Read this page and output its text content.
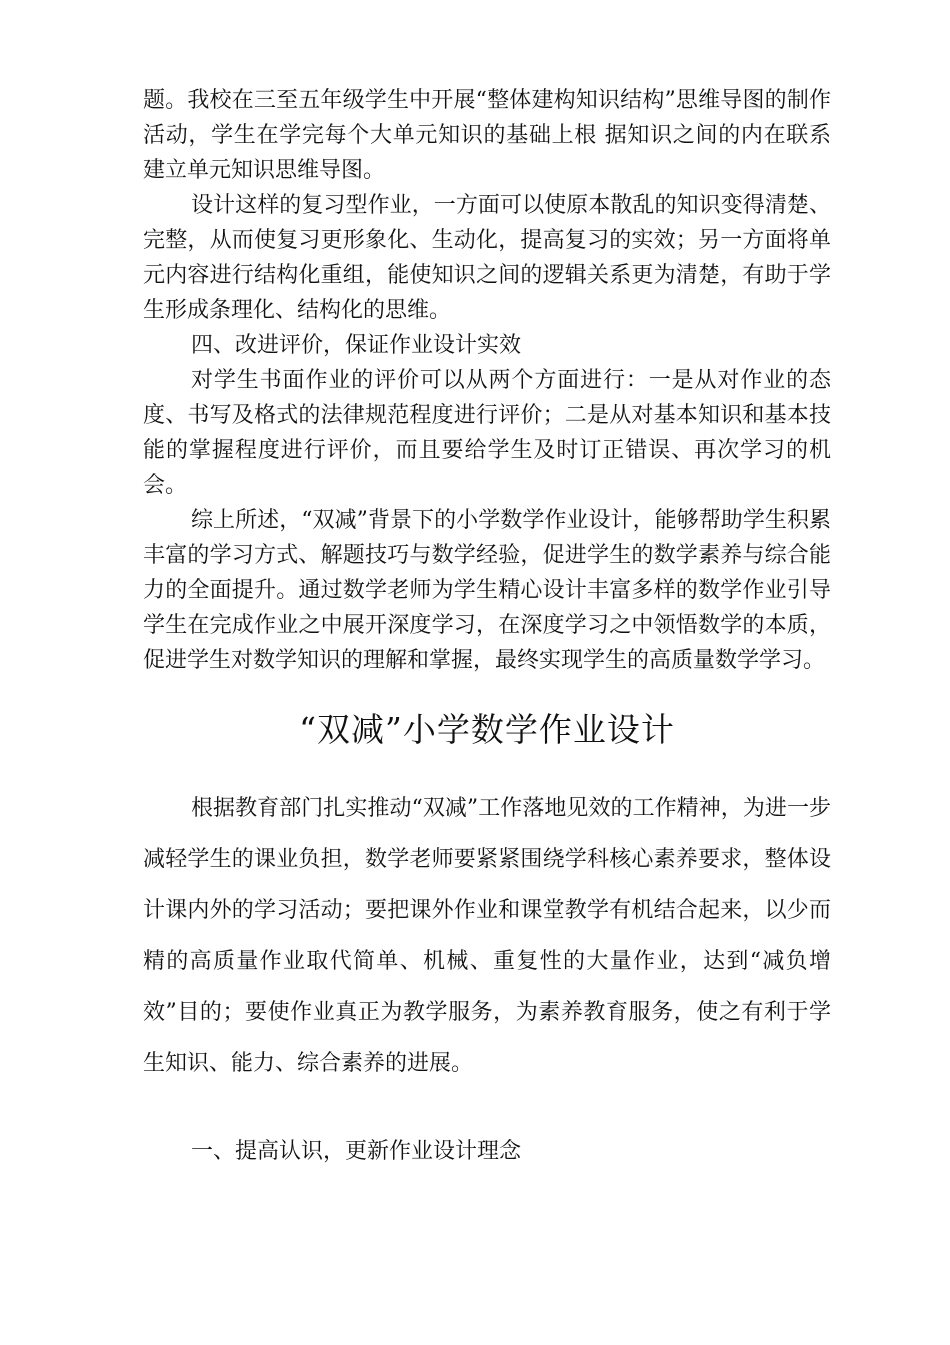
题。我校在三至五年级学生中开展“整体建构知识结构”思维导图的制作活动，学生在学完每个大单元知识的基础上根 据知识之间的内在联系建立单元知识思维导图。

设计这样的复习型作业，一方面可以使原本散乱的知识变得清楚、完整，从而使复习更形象化、生动化，提高复习的实效；另一方面将单元内容进行结构化重组，能使知识之间的逻辑关系更为清楚，有助于学生形成条理化、结构化的思维。

四、改进评价，保证作业设计实效

对学生书面作业的评价可以从两个方面进行：一是从对作业的态度、书写及格式的法律规范程度进行评价；二是从对基本知识和基本技能的掌握程度进行评价，而且要给学生及时订正错误、再次学习的机会。

综上所述，“双减”背景下的小学数学作业设计，能够帮助学生积累丰富的学习方式、解题技巧与数学经验，促进学生的数学素养与综合能力的全面提升。通过数学老师为学生精心设计丰富多样的数学作业引导学生在完成作业之中展开深度学习，在深度学习之中领悟数学的本质，促进学生对数学知识的理解和掌握，最终实现学生的高质量数学学习。

“双减”小学数学作业设计

根据教育部门扎实推动“双减”工作落地见效的工作精神，为进一步减轻学生的课业负担，数学老师要紧紧围绕学科核心素养要求，整体设计课内外的学习活动；要把课外作业和课堂教学有机结合起来，以少而精的高质量作业取代简单、机械、重复性的大量作业，达到“减负增效”目的；要使作业真正为教学服务，为素养教育服务，使之有利于学生知识、能力、综合素养的进展。

一、提高认识，更新作业设计理念
